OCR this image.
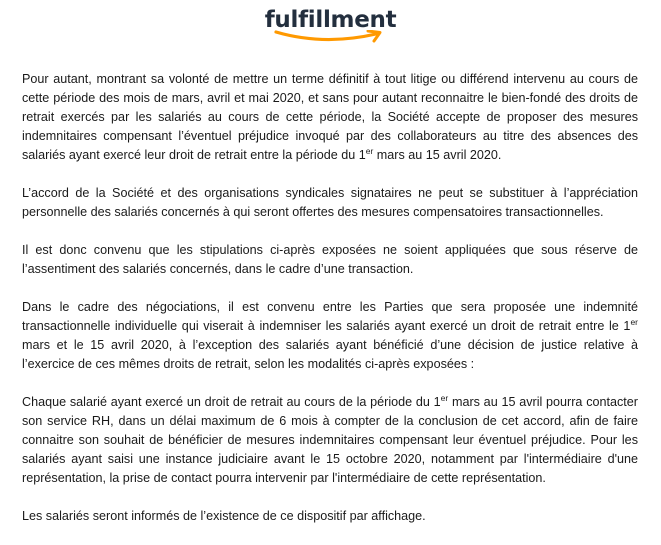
fulfillment

Pour autant, montrant sa volonté de mettre un terme définitif à tout litige ou différend intervenu au cours de cette période des mois de mars, avril et mai 2020, et sans pour autant reconnaitre le bien-fondé des droits de retrait exercés par les salariés au cours de cette période, la Société accepte de proposer des mesures indemnitaires compensant l’éventuel préjudice invoqué par des collaborateurs au titre des absences des salariés ayant exercé leur droit de retrait entre la période du 1er mars au 15 avril 2020.

L’accord de la Société et des organisations syndicales signataires ne peut se substituer à l’appréciation personnelle des salariés concernés à qui seront offertes des mesures compensatoires transactionnelles.

Il est donc convenu que les stipulations ci-après exposées ne soient appliquées que sous réserve de l’assentiment des salariés concernés, dans le cadre d’une transaction.

Dans le cadre des négociations, il est convenu entre les Parties que sera proposée une indemnité transactionnelle individuelle qui viserait à indemniser les salariés ayant exercé un droit de retrait entre le 1er mars et le 15 avril 2020, à l’exception des salariés ayant bénéficié d’une décision de justice relative à l’exercice de ces mêmes droits de retrait, selon les modalités ci-après exposées :

Chaque salarié ayant exercé un droit de retrait au cours de la période du 1er mars au 15 avril pourra contacter son service RH, dans un délai maximum de 6 mois à compter de la conclusion de cet accord, afin de faire connaitre son souhait de bénéficier de mesures indemnitaires compensant leur éventuel préjudice. Pour les salariés ayant saisi une instance judiciaire avant le 15 octobre 2020, notamment par l'intermédiaire d'une représentation, la prise de contact pourra intervenir par l'intermédiaire de cette représentation.

Les salariés seront informés de l’existence de ce dispositif par affichage.
